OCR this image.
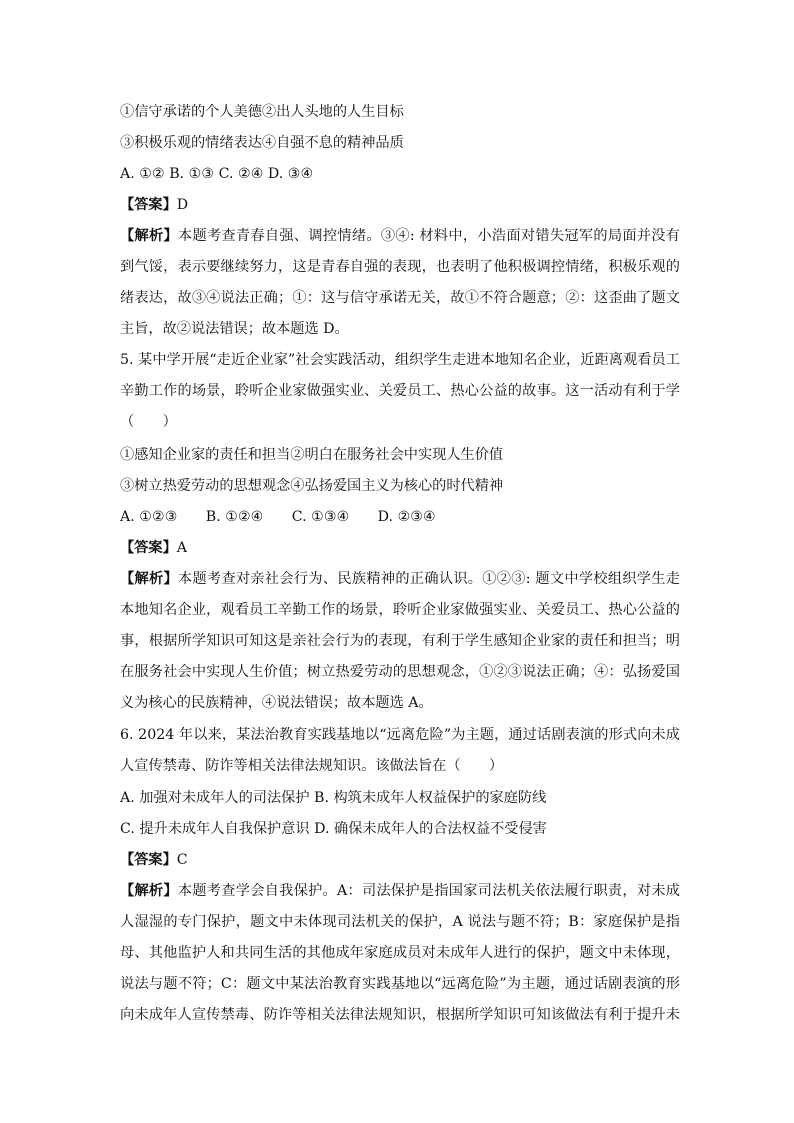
①信守承诺的个人美德②出人头地的人生目标
③积极乐观的情绪表达④自强不息的精神品质
A. ①② B. ①③ C. ②④ D. ③④
【答案】D
【解析】本题考查青春自强、调控情绪。③④: 材料中，小浩面对错失冠军的局面并没有
到气馁，表示要继续努力，这是青春自强的表现，也表明了他积极调控情绪，积极乐观的
绪表达，故③④说法正确；①：这与信守承诺无关，故①不符合题意；②：这歪曲了题文
主旨，故②说法错误；故本题选 D。
5. 某中学开展“走近企业家”社会实践活动，组织学生走进本地知名企业，近距离观看员工
辛勤工作的场景，聆听企业家做强实业、关爱员工、热心公益的故事。这一活动有利于学
（　　）
①感知企业家的责任和担当②明白在服务社会中实现人生价值
③树立热爱劳动的思想观念④弘扬爱国主义为核心的时代精神
A. ①②③　　B. ①②④　　C. ①③④　　D. ②③④
【答案】A
【解析】本题考查对亲社会行为、民族精神的正确认识。①②③: 题文中学校组织学生走
本地知名企业，观看员工辛勤工作的场景，聆听企业家做强实业、关爱员工、热心公益的
事，根据所学知识可知这是亲社会行为的表现，有利于学生感知企业家的责任和担当；明
在服务社会中实现人生价值；树立热爱劳动的思想观念，①②③说法正确；④：弘扬爱国
义为核心的民族精神，④说法错误；故本题选 A。
6. 2024 年以来，某法治教育实践基地以“远离危险”为主题，通过话剧表演的形式向未成
人宣传禁毒、防诈等相关法律法规知识。该做法旨在（　　）
A. 加强对未成年人的司法保护 B. 构筑未成年人权益保护的家庭防线
C. 提升未成年人自我保护意识 D. 确保未成年人的合法权益不受侵害
【答案】C
【解析】本题考查学会自我保护。A：司法保护是指国家司法机关依法履行职责，对未成
人湿湿的专门保护，题文中未体现司法机关的保护，A 说法与题不符；B：家庭保护是指
母、其他监护人和共同生活的其他成年家庭成员对未成年人进行的保护，题文中未体现，
说法与题不符；C：题文中某法治教育实践基地以“远离危险”为主题，通过话剧表演的形
向未成年人宣传禁毒、防诈等相关法律法规知识，根据所学知识可知该做法有利于提升未
